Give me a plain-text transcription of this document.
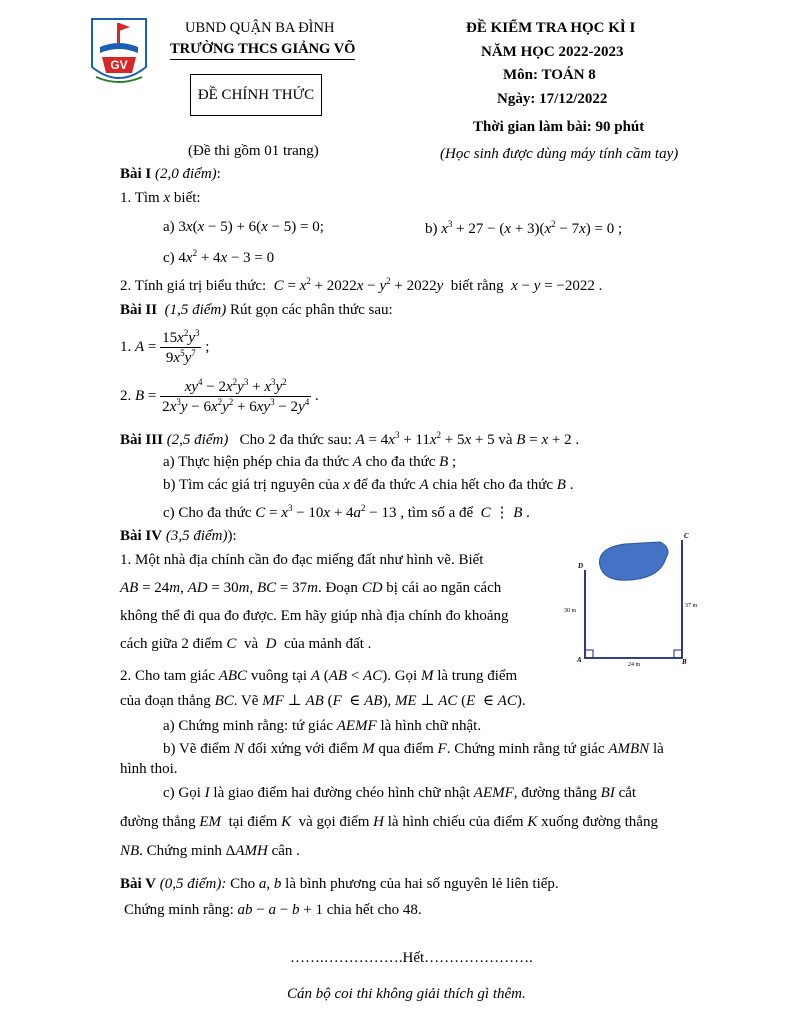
GV
UBND QUẬN BA ĐÌNH
TRƯỜNG THCS GIẢNG VÕ
ĐỀ CHÍNH THỨC
(Đề thi gồm 01 trang)
ĐỀ KIỂM TRA HỌC KÌ I
NĂM HỌC 2022-2023
Môn: TOÁN 8
Ngày: 17/12/2022
Thời gian làm bài: 90 phút
(Học sinh được dùng máy tính cầm tay)
Bài I (2,0 điểm):
1. Tìm x biết:
a) 3x(x − 5) + 6(x − 5) = 0;	b) $x^3 + 27 - (x + 3)(x^2 - 7x) = 0$ ;
c) $4x^2 + 4x - 3 = 0$
2. Tính giá trị biểu thức: $C = x^2 + 2022x - y^2 + 2022y$ biết rằng x − y = −2022 .
Bài II (1,5 điểm) Rút gọn các phân thức sau:
1. $A = \frac{15x^2y^3}{9x^5y^7}$ ;
2. $B = \frac{xy^4 - 2x^2y^3 + x^3y^2}{2x^3y - 6x^2y^2 + 6xy^3 - 2y^4}$ .
Bài III (2,5 điểm) Cho 2 đa thức sau: $A = 4x^3 + 11x^2 + 5x + 5$ và B = x + 2 .
a) Thực hiện phép chia đa thức A cho đa thức B ;
b) Tìm các giá trị nguyên của x để đa thức A chia hết cho đa thức B .
c) Cho đa thức $C = x^3 - 10x + 4a^2 - 13$ , tìm số a để C ⋮ B .
Bài IV (3,5 điểm)):
1. Một nhà địa chính cần đo đạc miếng đất như hình vẽ. Biết
AB = 24m, AD = 30m, BC = 37m. Đoạn CD bị cái ao ngăn cách
không thể đi qua đo được. Em hãy giúp nhà địa chính đo khoảng
cách giữa 2 điểm C và D của mảnh đất .
D
C
A	B
30 m
37 m
24 m
2. Cho tam giác ABC vuông tại A (AB < AC). Gọi M là trung điểm
của đoạn thẳng BC. Vẽ MF ⊥ AB (F  ∈ AB), ME ⊥ AC (E  ∈ AC).
a) Chứng minh rằng: tứ giác AEMF là hình chữ nhật.
b) Vẽ điểm N đối xứng với điểm M qua điểm F. Chứng minh rằng tứ giác AMBN là
hình thoi.
c) Gọi I là giao điểm hai đường chéo hình chữ nhật AEMF, đường thẳng BI cắt
đường thẳng EM tại điểm K và gọi điểm H là hình chiếu của điểm K xuống đường thẳng
NB. Chứng minh ΔAMH cân .
Bài V (0,5 điểm): Cho a, b là bình phương của hai số nguyên lẻ liên tiếp.
Chứng minh rằng: ab − a − b + 1 chia hết cho 48.
…….…………….Hết………………….
Cán bộ coi thi không giải thích gì thêm.
